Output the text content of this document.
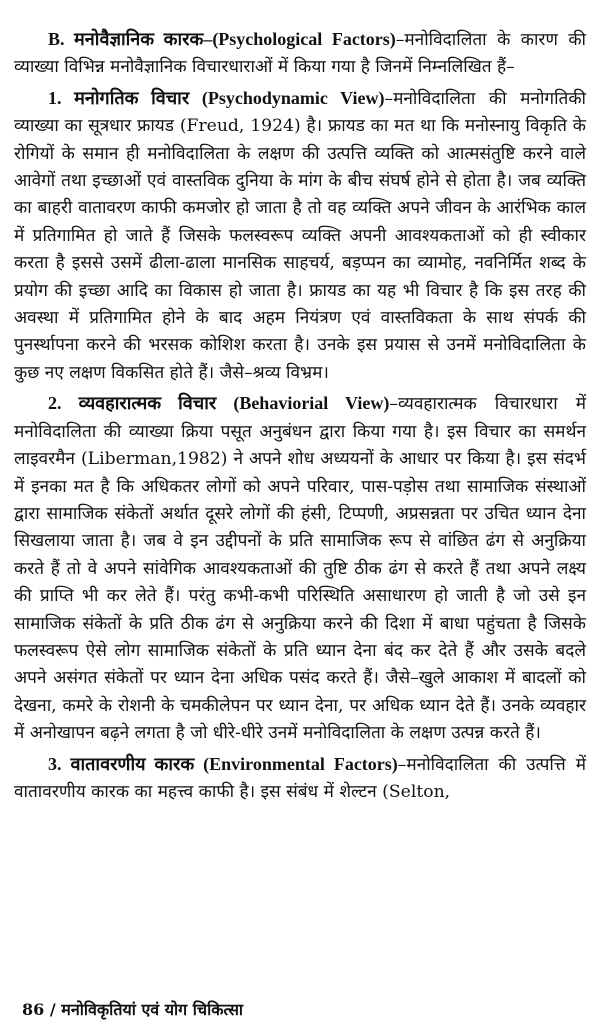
B. मनोवैज्ञानिक कारक–(Psychological Factors)–मनोविदालिता के कारण की व्याख्या विभिन्न मनोवैज्ञानिक विचारधाराओं में किया गया है जिनमें निम्नलिखित हैं–

1. मनोगतिक विचार (Psychodynamic View)–मनोविदालिता की मनोगतिकी व्याख्या का सूत्रधार फ्रायड (Freud, 1924) है। फ्रायड का मत था कि मनोस्नायु विकृति के रोगियों के समान ही मनोविदालिता के लक्षण की उत्पत्ति व्यक्ति को आत्मसंतुष्टि करने वाले आवेगों तथा इच्छाओं एवं वास्तविक दुनिया के मांग के बीच संघर्ष होने से होता है। जब व्यक्ति का बाहरी वातावरण काफी कमजोर हो जाता है तो वह व्यक्ति अपने जीवन के आरंभिक काल में प्रतिगामित हो जाते हैं जिसके फलस्वरूप व्यक्ति अपनी आवश्यकताओं को ही स्वीकार करता है इससे उसमें ढीला-ढाला मानसिक साहचर्य, बड़प्पन का व्यामोह, नवनिर्मित शब्द के प्रयोग की इच्छा आदि का विकास हो जाता है। फ्रायड का यह भी विचार है कि इस तरह की अवस्था में प्रतिगामित होने के बाद अहम नियंत्रण एवं वास्तविकता के साथ संपर्क की पुनर्स्थापना करने की भरसक कोशिश करता है। उनके इस प्रयास से उनमें मनोविदालिता के कुछ नए लक्षण विकसित होते हैं। जैसे–श्रव्य विभ्रम।

2. व्यवहारात्मक विचार (Behaviorial View)–व्यवहारात्मक विचारधारा में मनोविदालिता की व्याख्या क्रिया पसूत अनुबंधन द्वारा किया गया है। इस विचार का समर्थन लाइवरमैन (Liberman,1982) ने अपने शोध अध्ययनों के आधार पर किया है। इस संदर्भ में इनका मत है कि अधिकतर लोगों को अपने परिवार, पास-पड़ोस तथा सामाजिक संस्थाओं द्वारा सामाजिक संकेतों अर्थात दूसरे लोगों की हंसी, टिप्पणी, अप्रसन्नता पर उचित ध्यान देना सिखलाया जाता है। जब वे इन उद्दीपनों के प्रति सामाजिक रूप से वांछित ढंग से अनुक्रिया करते हैं तो वे अपने सांवेगिक आवश्यकताओं की तुष्टि ठीक ढंग से करते हैं तथा अपने लक्ष्य की प्राप्ति भी कर लेते हैं। परंतु कभी-कभी परिस्थिति असाधारण हो जाती है जो उसे इन सामाजिक संकेतों के प्रति ठीक ढंग से अनुक्रिया करने की दिशा में बाधा पहुंचता है जिसके फलस्वरूप ऐसे लोग सामाजिक संकेतों के प्रति ध्यान देना बंद कर देते हैं और उसके बदले अपने असंगत संकेतों पर ध्यान देना अधिक पसंद करते हैं। जैसे–खुले आकाश में बादलों को देखना, कमरे के रोशनी के चमकीलेपन पर ध्यान देना, पर अधिक ध्यान देते हैं। उनके व्यवहार में अनोखापन बढ़ने लगता है जो धीरे-धीरे उनमें मनोविदालिता के लक्षण उत्पन्न करते हैं।

3. वातावरणीय कारक (Environmental Factors)–मनोविदालिता की उत्पत्ति में वातावरणीय कारक का महत्त्व काफी है। इस संबंध में शेल्टन (Selton,

86 / मनोविकृतियां एवं योग चिकित्सा
